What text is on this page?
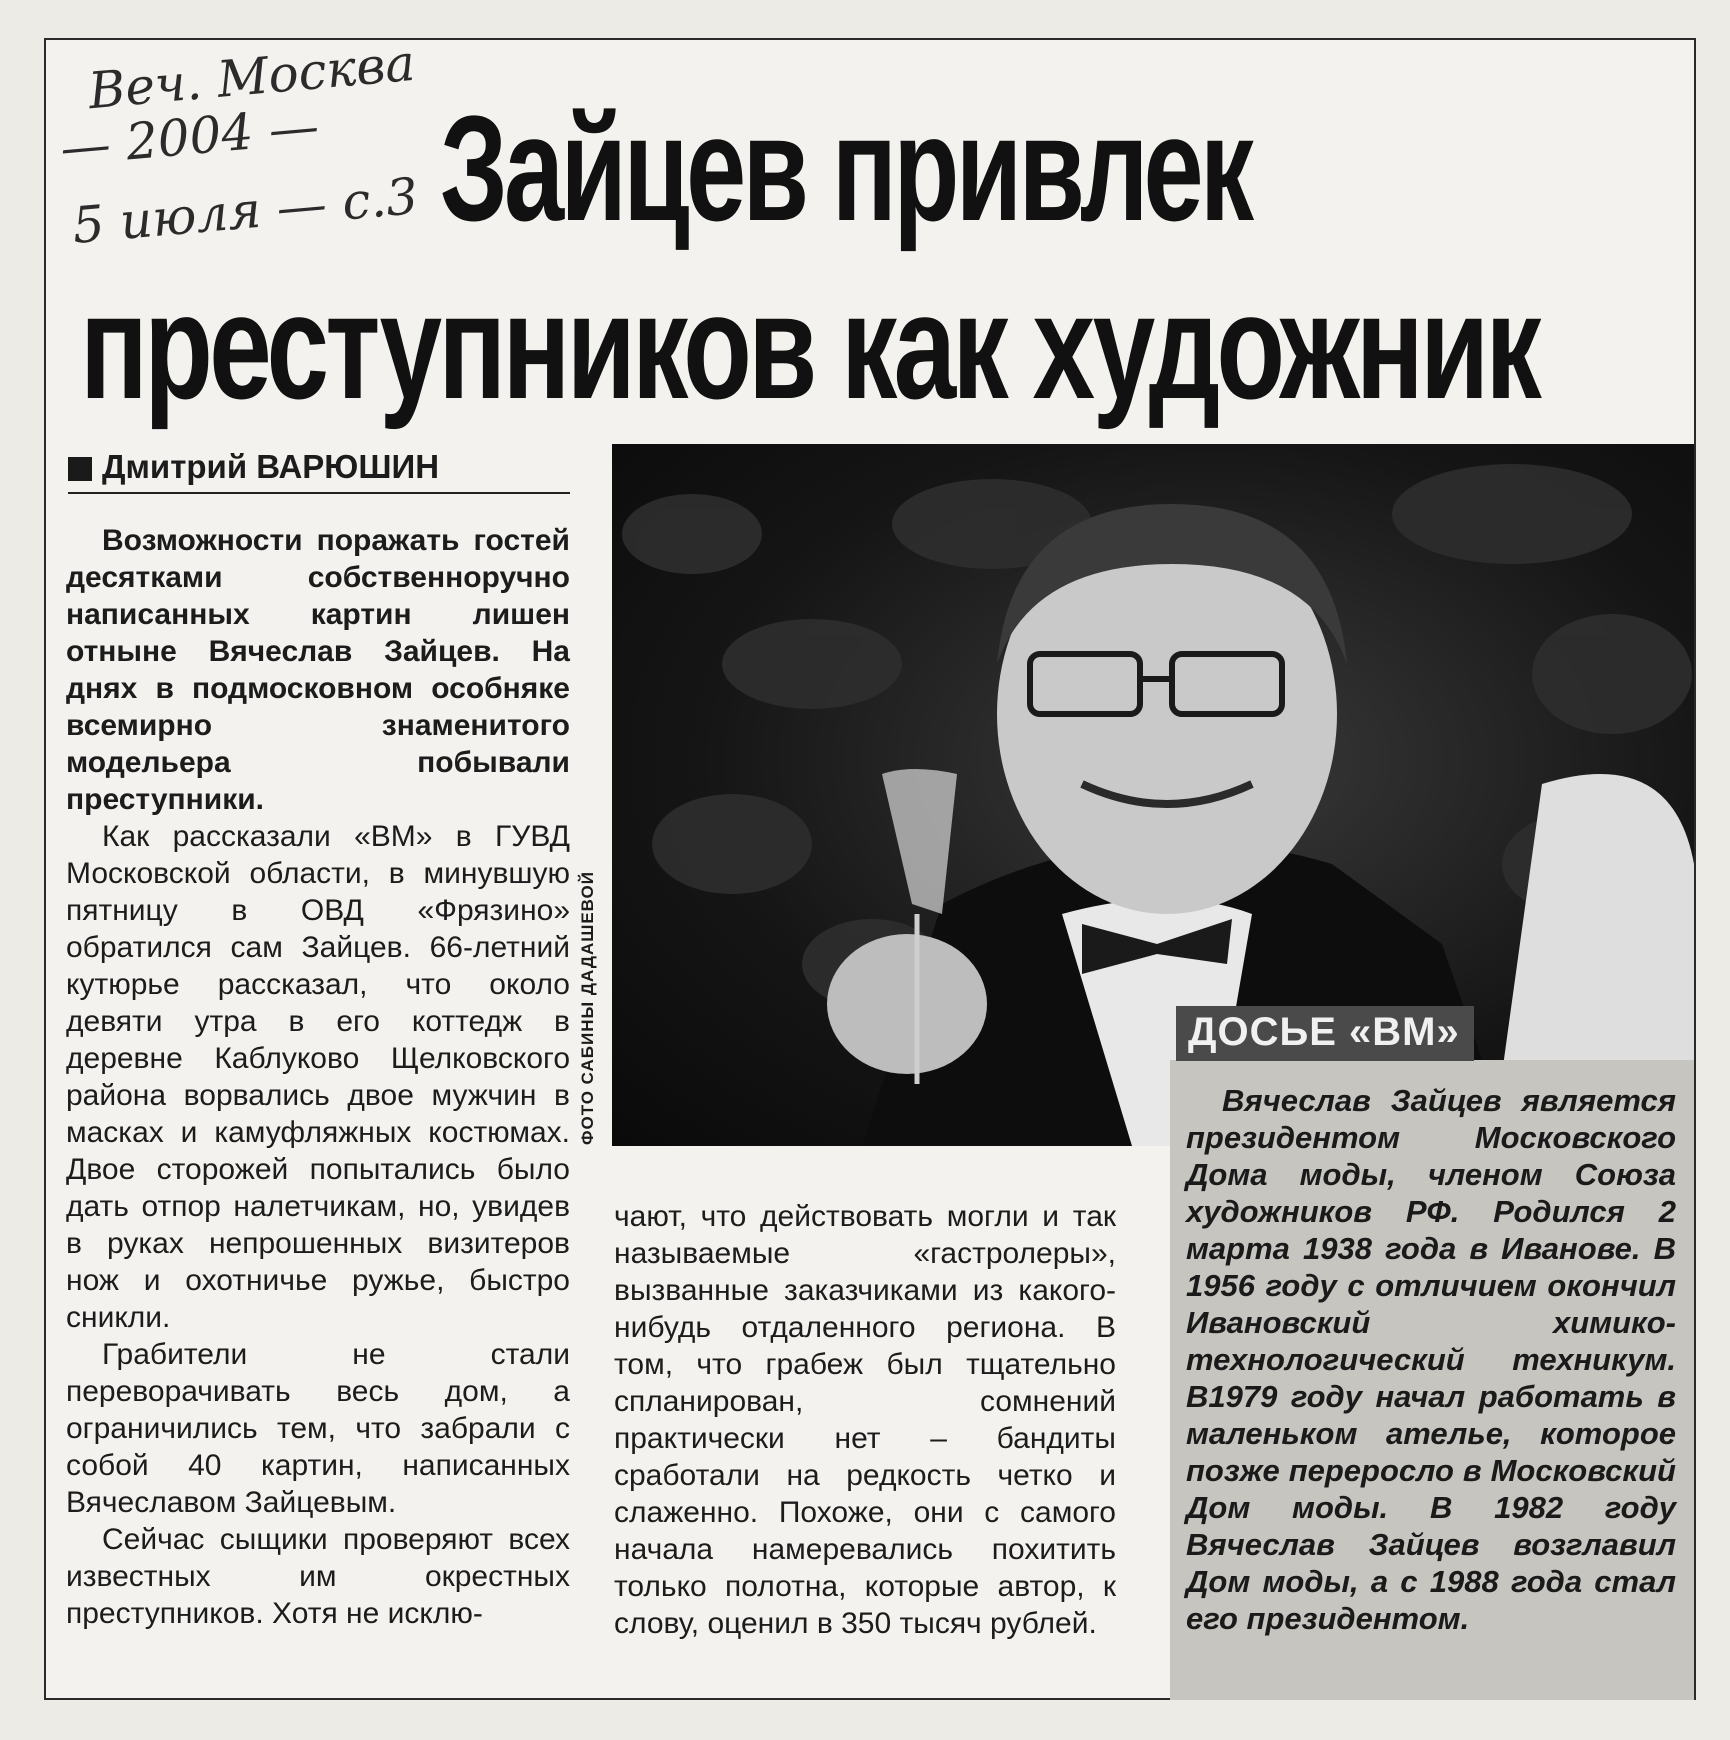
Веч. Москва
— 2004 —
5 июля — с.3 Зайцев привлек
преступников как художник
Дмитрий ВАРЮШИН

Возможности поражать гостей десятками собственноручно написанных картин лишен отныне Вячеслав Зайцев. На днях в подмосковном особняке всемирно знаменитого модельера побывали преступники.

Как рассказали «ВМ» в ГУВД Московской области, в минувшую пятницу в ОВД «Фрязино» обратился сам Зайцев. 66-летний кутюрье рассказал, что около девяти утра в его коттедж в деревне Каблуково Щелковского района ворвались двое мужчин в масках и камуфляжных костюмах. Двое сторожей попытались было дать отпор налетчикам, но, увидев в руках непрошенных визитеров нож и охотничье ружье, быстро сникли.

Грабители не стали переворачивать весь дом, а ограничились тем, что забрали с собой 40 картин, написанных Вячеславом Зайцевым.

Сейчас сыщики проверяют всех известных им окрестных преступников. Хотя не исклю-

ФОТО САБИНЫ ДАДАШЕВОЙ

чают, что действовать могли и так называемые «гастролеры», вызванные заказчиками из какого-нибудь отдаленного региона. В том, что грабеж был тщательно спланирован, сомнений практически нет – бандиты сработали на редкость четко и слаженно. Похоже, они с самого начала намеревались похитить только полотна, которые автор, к слову, оценил в 350 тысяч рублей.

ДОСЬЕ «ВМ»
Вячеслав Зайцев является президентом Московского Дома моды, членом Союза художников РФ. Родился 2 марта 1938 года в Иванове. В 1956 году с отличием окончил Ивановский химико-технологический техникум. В1979 году начал работать в маленьком ателье, которое позже переросло в Московский Дом моды. В 1982 году Вячеслав Зайцев возглавил Дом моды, а с 1988 года стал его президентом.
